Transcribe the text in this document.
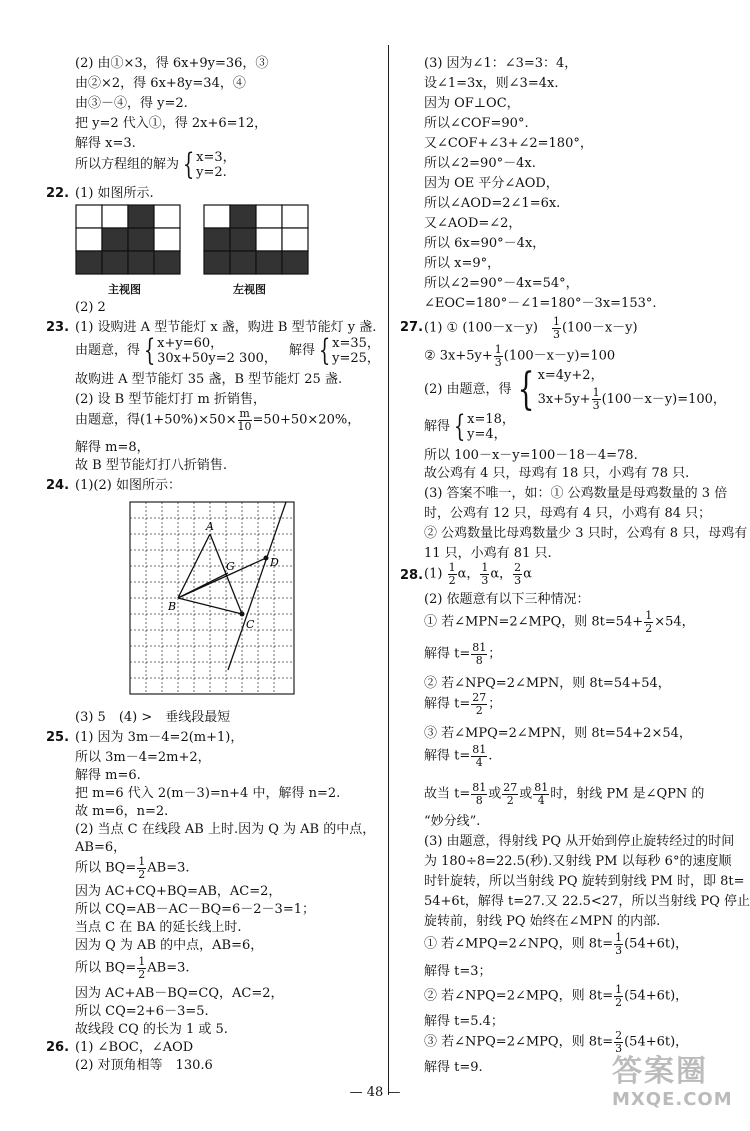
(2) 由①×3，得 6x+9y=36，③
由②×2，得 6x+8y=34，④
由③－④，得 y=2.
把 y=2 代入①，得 2x+6=12，
解得 x=3.
所以方程组的解为 { x=3，
y=2.
22. (1) 如图所示.
主视图	左视图
(2) 2
23. (1) 设购进 A 型节能灯 x 盏，购进 B 型节能灯 y 盏.
由题意，得 { x+y=60，
30x+50y=2 300，
解得 { x=35，
y=25，
故购进 A 型节能灯 35 盏，B 型节能灯 25 盏.
(2) 设 B 型节能灯打 m 折销售，
由题意，得$(1+50\%)\times 50\times \frac{m}{10} =50+50\times 20\%$，
解得 m=8，
故 B 型节能灯打八折销售.
24. (1)(2) 如图所示：
A
B
C
D
G
(3) 5　(4) >　垂线段最短
25. (1) 因为 3m－4=2(m+1)，
所以 3m－4=2m+2，
解得 m=6.
把 m=6 代入 2(m－3)=n+4 中，解得 n=2.
故 m=6，n=2.
(2) 当点 C 在线段 AB 上时.因为 Q 为 AB 的中点，
AB=6，
所以 $BQ= \frac{1}{2} AB=3$.
因为 AC+CQ+BQ=AB，AC=2，
所以 CQ=AB－AC－BQ=6－2－3=1；
当点 C 在 BA 的延长线上时.
因为 Q 为 AB 的中点，AB=6，
所以 $BQ= \frac{1}{2} AB=3$.
因为 AC+AB－BQ=CQ，AC=2，
所以 CQ=2+6－3=5.
故线段 CQ 的长为 1 或 5.
26. (1) ∠BOC，∠AOD
(2) 对顶角相等　130.6
(3) 因为∠1：∠3=3：4，
设∠1=3x，则∠3=4x.
因为 OF⊥OC，
所以∠COF=90°.
又∠COF+∠3+∠2=180°，
所以∠2=90°－4x.
因为 OE 平分∠AOD，
所以∠AOD=2∠1=6x.
又∠AOD=∠2，
所以 6x=90°－4x，
所以 x=9°，
所以∠2=90°－4x=54°，
∠EOC=180°－∠1=180°－3x=153°.
27. (1) ① (100－x－y)　 $\frac{1}{3} (100-x-y)$
② $3x+5y+ \frac{1}{3} (100-x-y)=100$
(2) 由题意，得 { x=4y+2，
$3x+5y+ \frac{1}{3} (100-x-y)=100$，
解得 { x=18，
y=4，
所以 100－x－y=100－18－4=78.
故公鸡有 4 只，母鸡有 18 只，小鸡有 78 只.
(3) 答案不唯一，如：① 公鸡数量是母鸡数量的 3 倍
时，公鸡有 12 只，母鸡有 4 只，小鸡有 84 只；
② 公鸡数量比母鸡数量少 3 只时，公鸡有 8 只，母鸡有
11 只，小鸡有 81 只.
28. $(1) \frac{1}{2}$ α， $\frac{1}{3}$ α， $\frac{2}{3}$ α
(2) 依题意有以下三种情况：
① 若∠MPN=2∠MPQ，则 $8t=54+ \frac{1}{2} \times 54$，
解得 $t= \frac{81}{8}$ ；
② 若∠NPQ=2∠MPN，则 8t=54+54，
解得 $t= \frac{27}{2}$ ；
③ 若∠MPQ=2∠MPN，则 8t=54+2×54，
解得 $t= \frac{81}{4}$ .
故当 $t= \frac{81}{8}$ 或 $\frac{27}{2}$ 或 $\frac{81}{4}$ 时，射线 PM 是∠QPN 的
“妙分线”.
(3) 由题意，得射线 PQ 从开始到停止旋转经过的时间
为 180÷8=22.5(秒).又射线 PM 以每秒 6°的速度顺
时针旋转，所以当射线 PQ 旋转到射线 PM 时，即 8t=
54+6t，解得 t=27.又 22.5<27，所以当射线 PQ 停止
旋转前，射线 PQ 始终在∠MPN 的内部.
① 若∠MPQ=2∠NPQ，则 $8t= \frac{1}{3} (54+6t)$，
解得 t=3；
② 若∠NPQ=2∠MPQ，则 $8t= \frac{1}{2} (54+6t)$，
解得 t=5.4；
③ 若∠NPQ=2∠MPQ，则 $8t= \frac{2}{3} (54+6t)$，
解得 t=9.
— 48 —
答案圈
MXQE.COM
